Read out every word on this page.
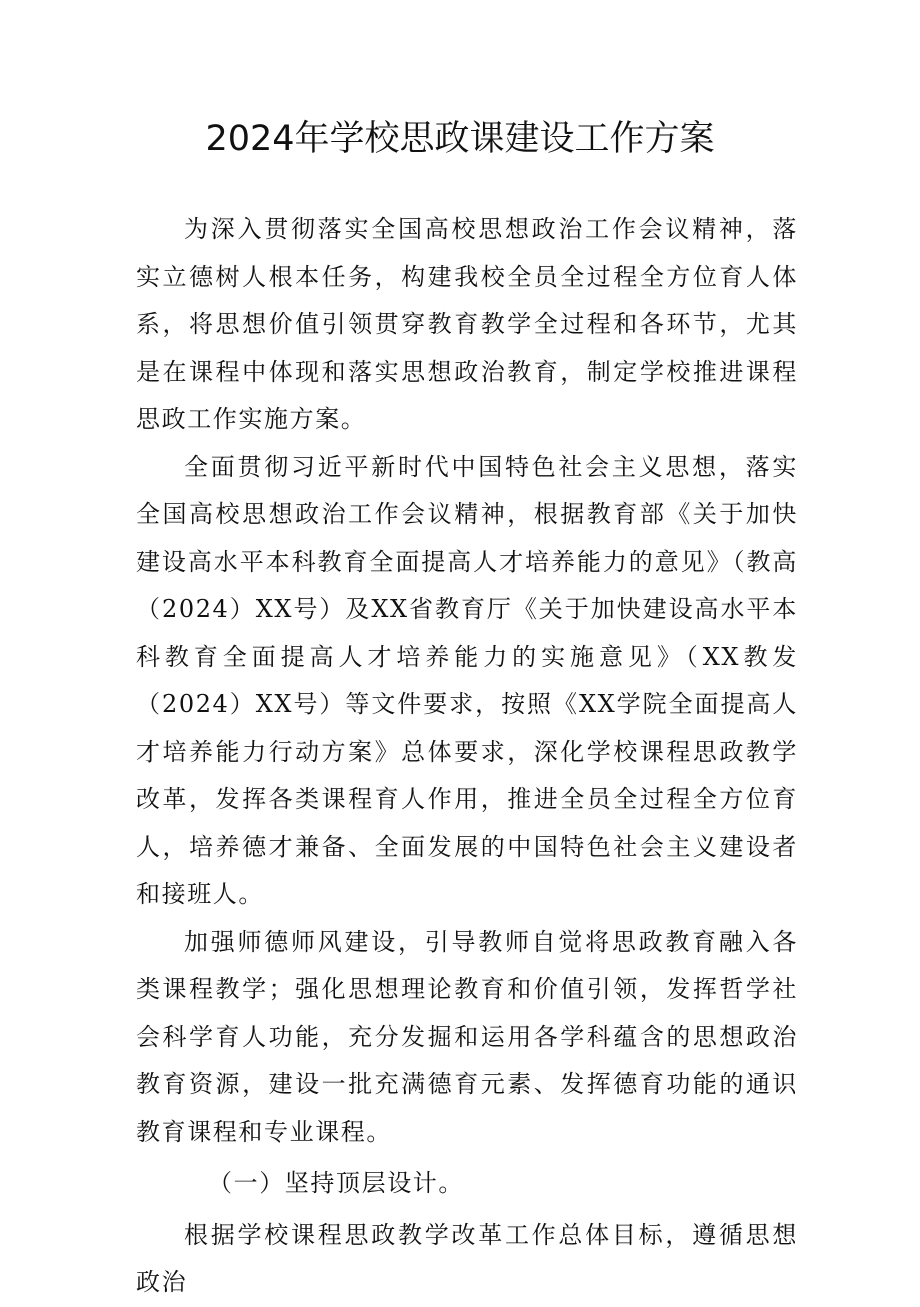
2024年学校思政课建设工作方案

为深入贯彻落实全国高校思想政治工作会议精神，落实立德树人根本任务，构建我校全员全过程全方位育人体系，将思想价值引领贯穿教育教学全过程和各环节，尤其是在课程中体现和落实思想政治教育，制定学校推进课程思政工作实施方案。

全面贯彻习近平新时代中国特色社会主义思想，落实全国高校思想政治工作会议精神，根据教育部《关于加快建设高水平本科教育全面提高人才培养能力的意见》（教高（2024）XX号）及XX省教育厅《关于加快建设高水平本科教育全面提高人才培养能力的实施意见》（XX教发（2024）XX号）等文件要求，按照《XX学院全面提高人才培养能力行动方案》总体要求，深化学校课程思政教学改革，发挥各类课程育人作用，推进全员全过程全方位育人，培养德才兼备、全面发展的中国特色社会主义建设者和接班人。

加强师德师风建设，引导教师自觉将思政教育融入各类课程教学；强化思想理论教育和价值引领，发挥哲学社会科学育人功能，充分发掘和运用各学科蕴含的思想政治教育资源，建设一批充满德育元素、发挥德育功能的通识教育课程和专业课程。

（一）坚持顶层设计。

根据学校课程思政教学改革工作总体目标，遵循思想政治
